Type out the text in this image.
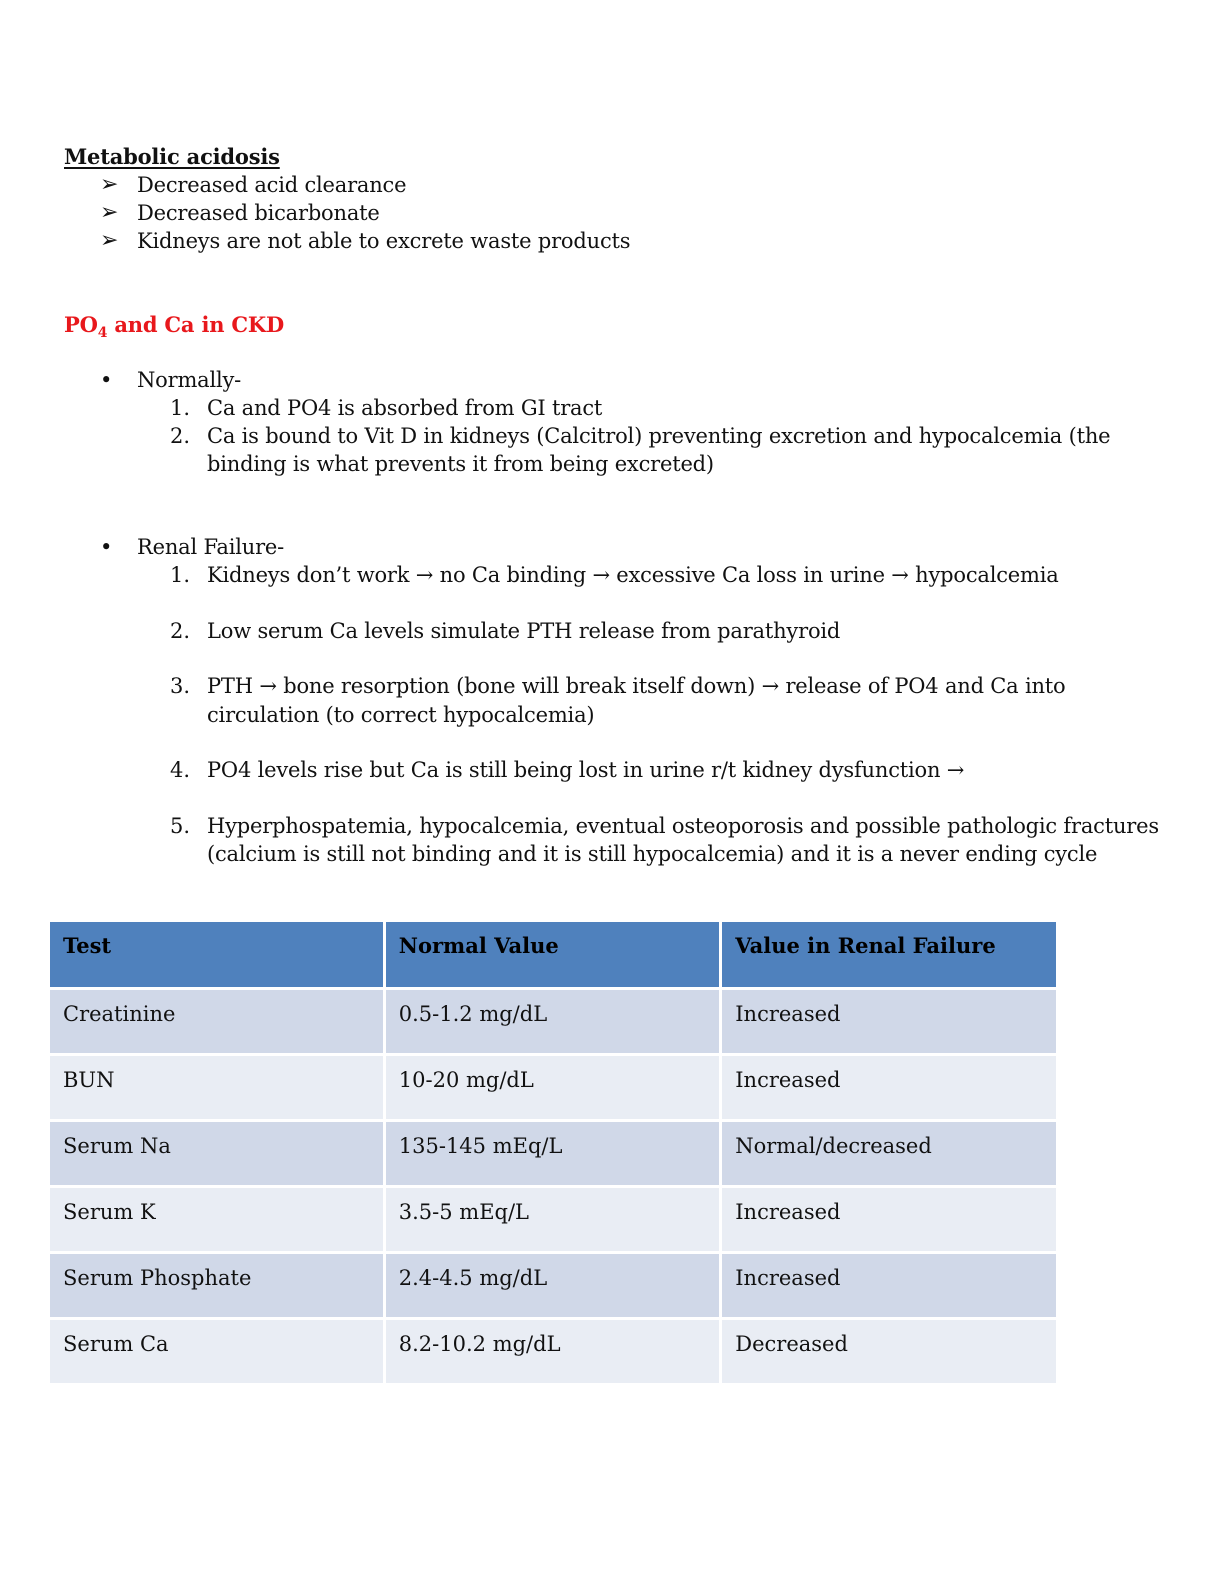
Metabolic acidosis
➢ Decreased acid clearance
➢ Decreased bicarbonate
➢ Kidneys are not able to excrete waste products
$PO_4$ and Ca in CKD
• Normally-
1. Ca and PO4 is absorbed from GI tract
2. Ca is bound to Vit D in kidneys (Calcitrol) preventing excretion and hypocalcemia (the
binding is what prevents it from being excreted)
• Renal Failure-
1. Kidneys don’t work → no Ca binding → excessive Ca loss in urine → hypocalcemia
2. Low serum Ca levels simulate PTH release from parathyroid
3. PTH → bone resorption (bone will break itself down) → release of PO4 and Ca into
circulation (to correct hypocalcemia)
4. PO4 levels rise but Ca is still being lost in urine r/t kidney dysfunction →
5. Hyperphospatemia, hypocalcemia, eventual osteoporosis and possible pathologic fractures
(calcium is still not binding and it is still hypocalcemia) and it is a never ending cycle
Test	Normal Value	Value in Renal Failure
Creatinine	0.5-1.2 mg/dL	Increased
BUN	10-20 mg/dL	Increased
Serum Na	135-145 mEq/L	Normal/decreased
Serum K	3.5-5 mEq/L	Increased
Serum Phosphate	2.4-4.5 mg/dL	Increased
Serum Ca	8.2-10.2 mg/dL	Decreased
